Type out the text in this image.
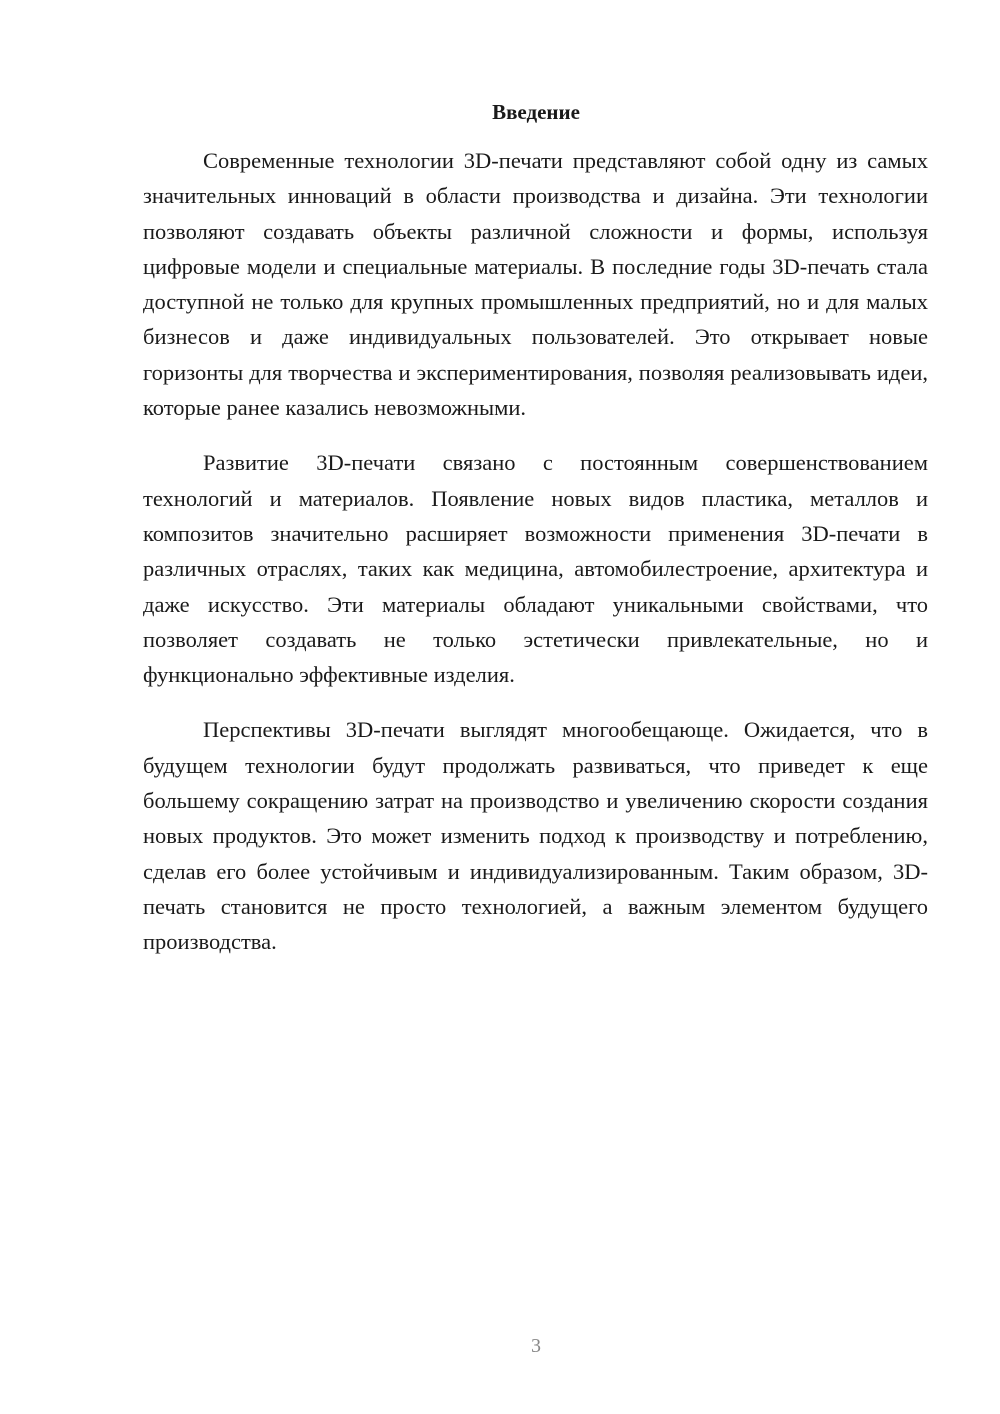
Введение

Современные технологии 3D-печати представляют собой одну из самых значительных инноваций в области производства и дизайна. Эти технологии позволяют создавать объекты различной сложности и формы, используя цифровые модели и специальные материалы. В последние годы 3D-печать стала доступной не только для крупных промышленных предприятий, но и для малых бизнесов и даже индивидуальных пользователей. Это открывает новые горизонты для творчества и экспериментирования, позволяя реализовывать идеи, которые ранее казались невозможными.

Развитие 3D-печати связано с постоянным совершенствованием технологий и материалов. Появление новых видов пластика, металлов и композитов значительно расширяет возможности применения 3D-печати в различных отраслях, таких как медицина, автомобилестроение, архитектура и даже искусство. Эти материалы обладают уникальными свойствами, что позволяет создавать не только эстетически привлекательные, но и функционально эффективные изделия.

Перспективы 3D-печати выглядят многообещающе. Ожидается, что в будущем технологии будут продолжать развиваться, что приведет к еще большему сокращению затрат на производство и увеличению скорости создания новых продуктов. Это может изменить подход к производству и потреблению, сделав его более устойчивым и индивидуализированным. Таким образом, 3D-печать становится не просто технологией, а важным элементом будущего производства.

3
